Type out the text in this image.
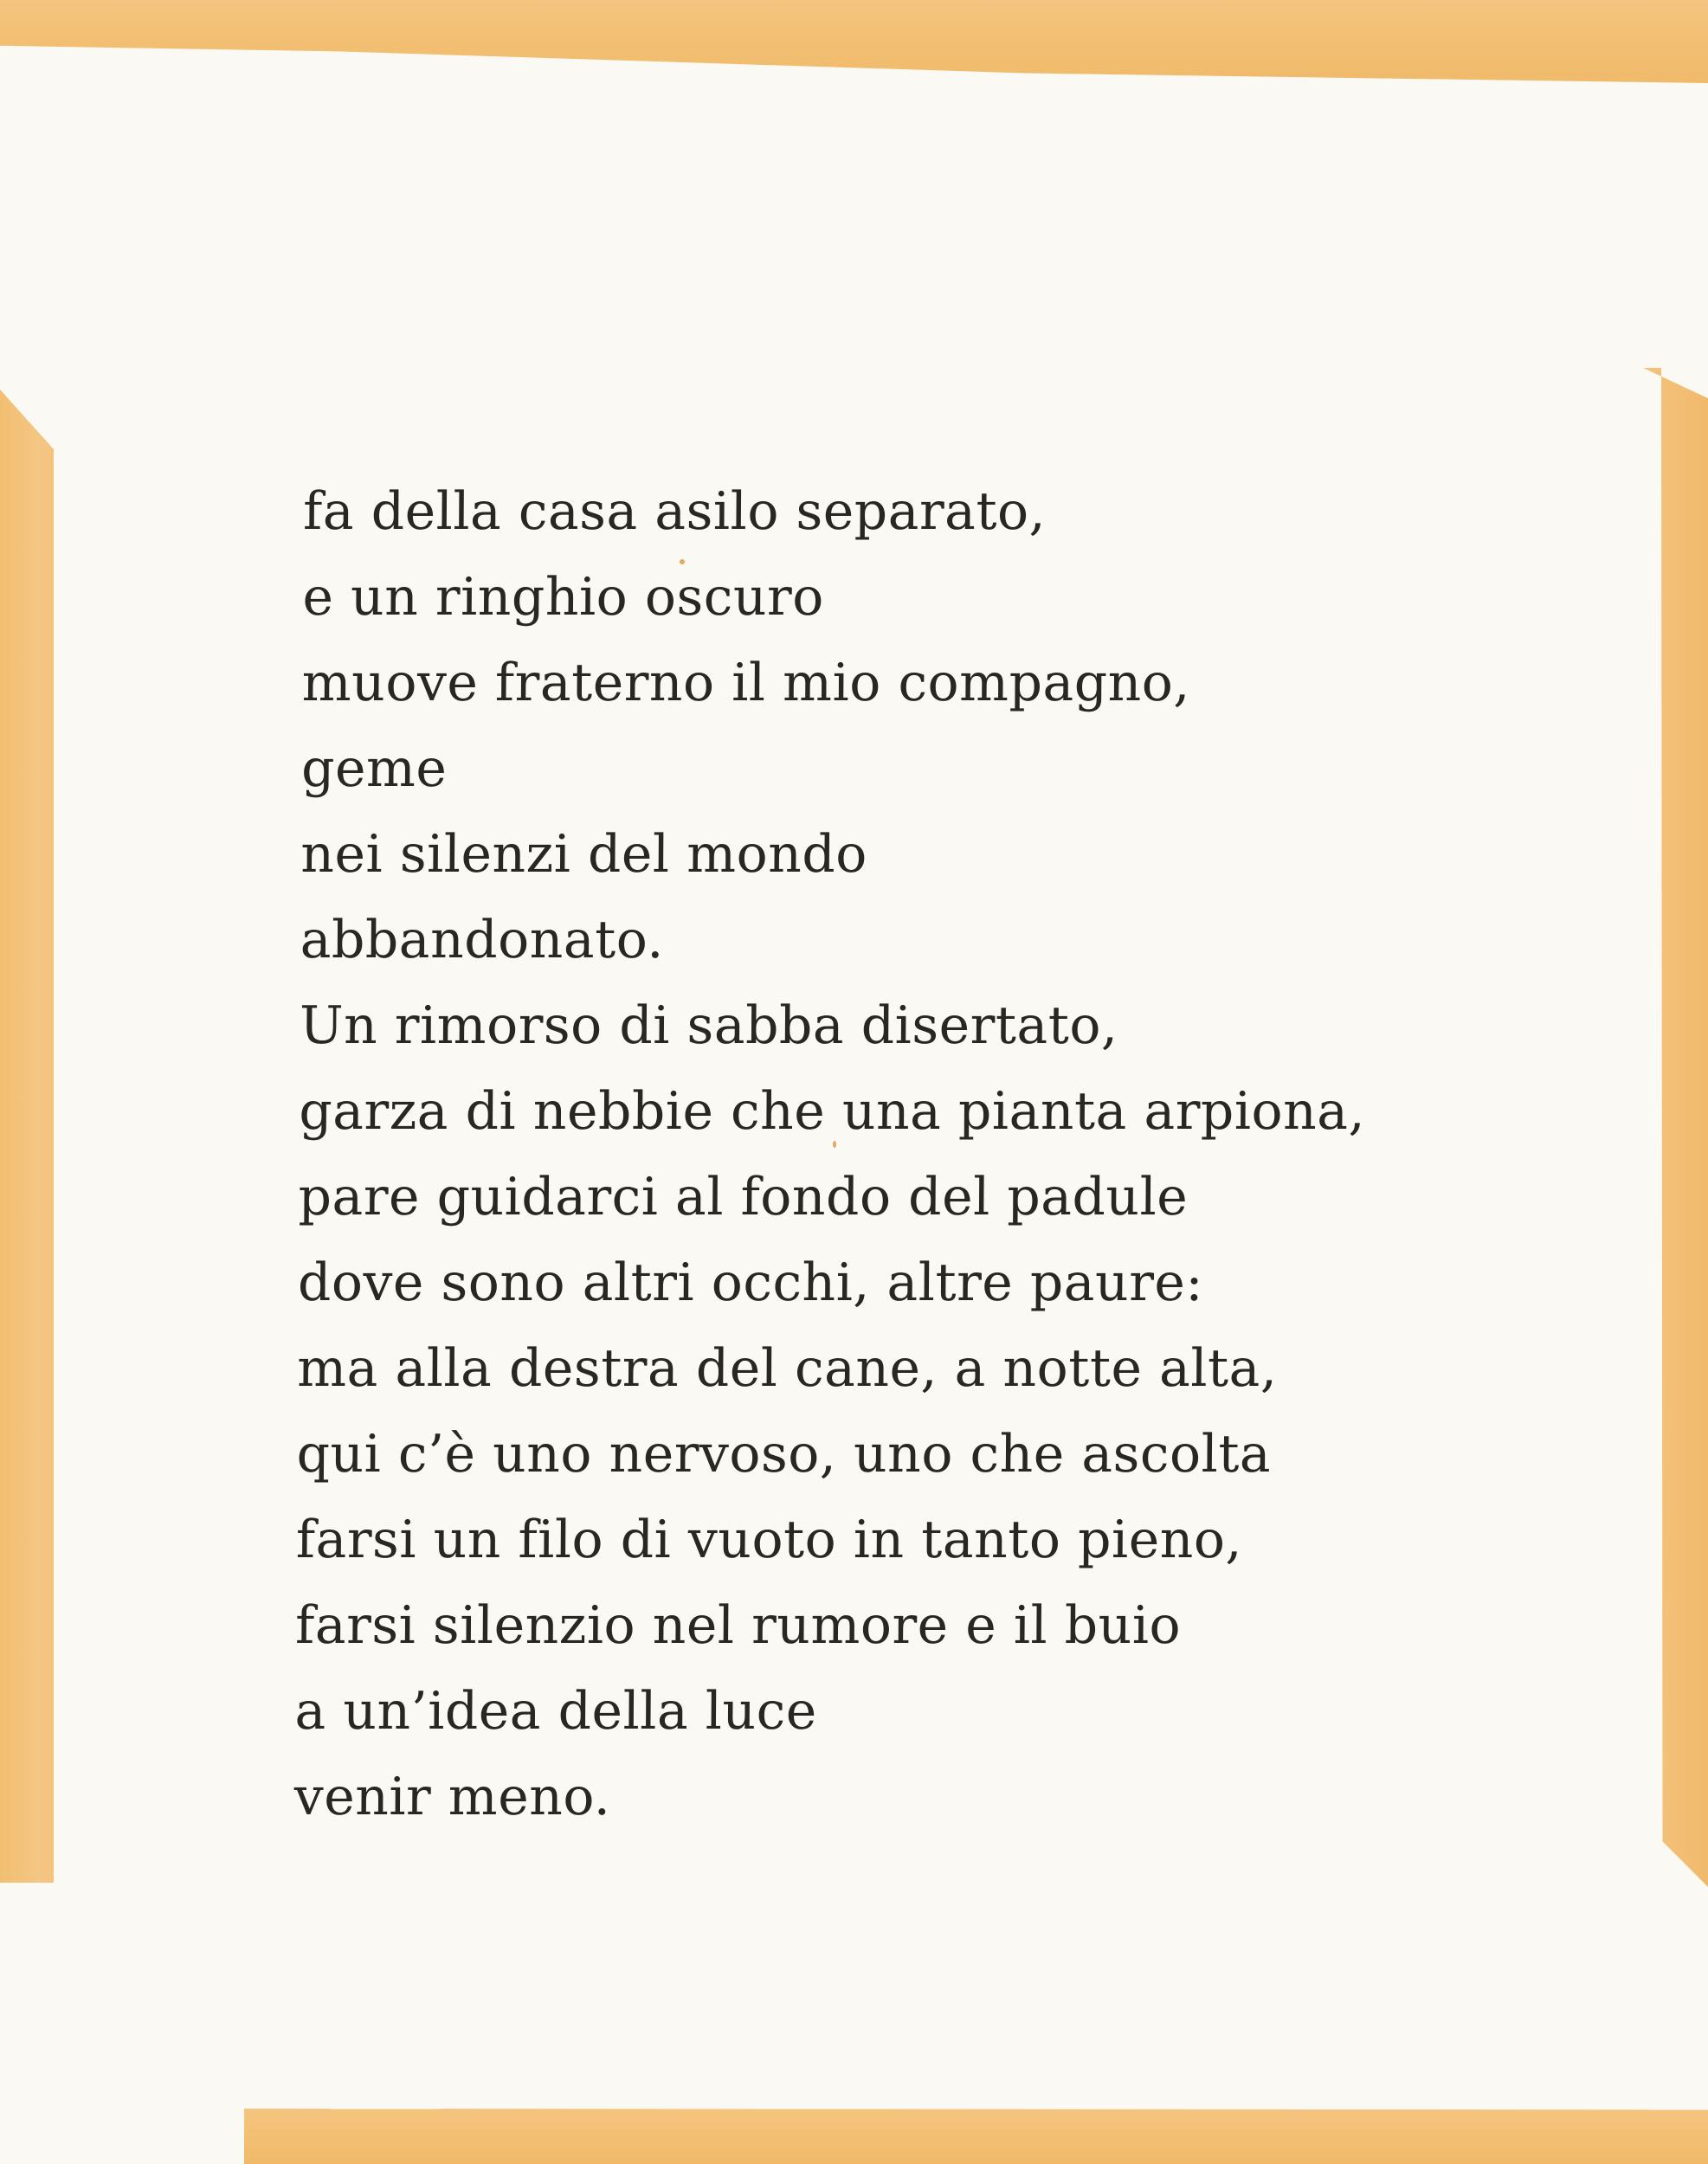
fa della casa asilo separato,
e un ringhio oscuro
muove fraterno il mio compagno,
geme
nei silenzi del mondo
abbandonato.
Un rimorso di sabba disertato,
garza di nebbie che una pianta arpiona,
pare guidarci al fondo del padule
dove sono altri occhi, altre paure:
ma alla destra del cane, a notte alta,
qui c’è uno nervoso, uno che ascolta
farsi un filo di vuoto in tanto pieno,
farsi silenzio nel rumore e il buio
a un’idea della luce
venir meno.
